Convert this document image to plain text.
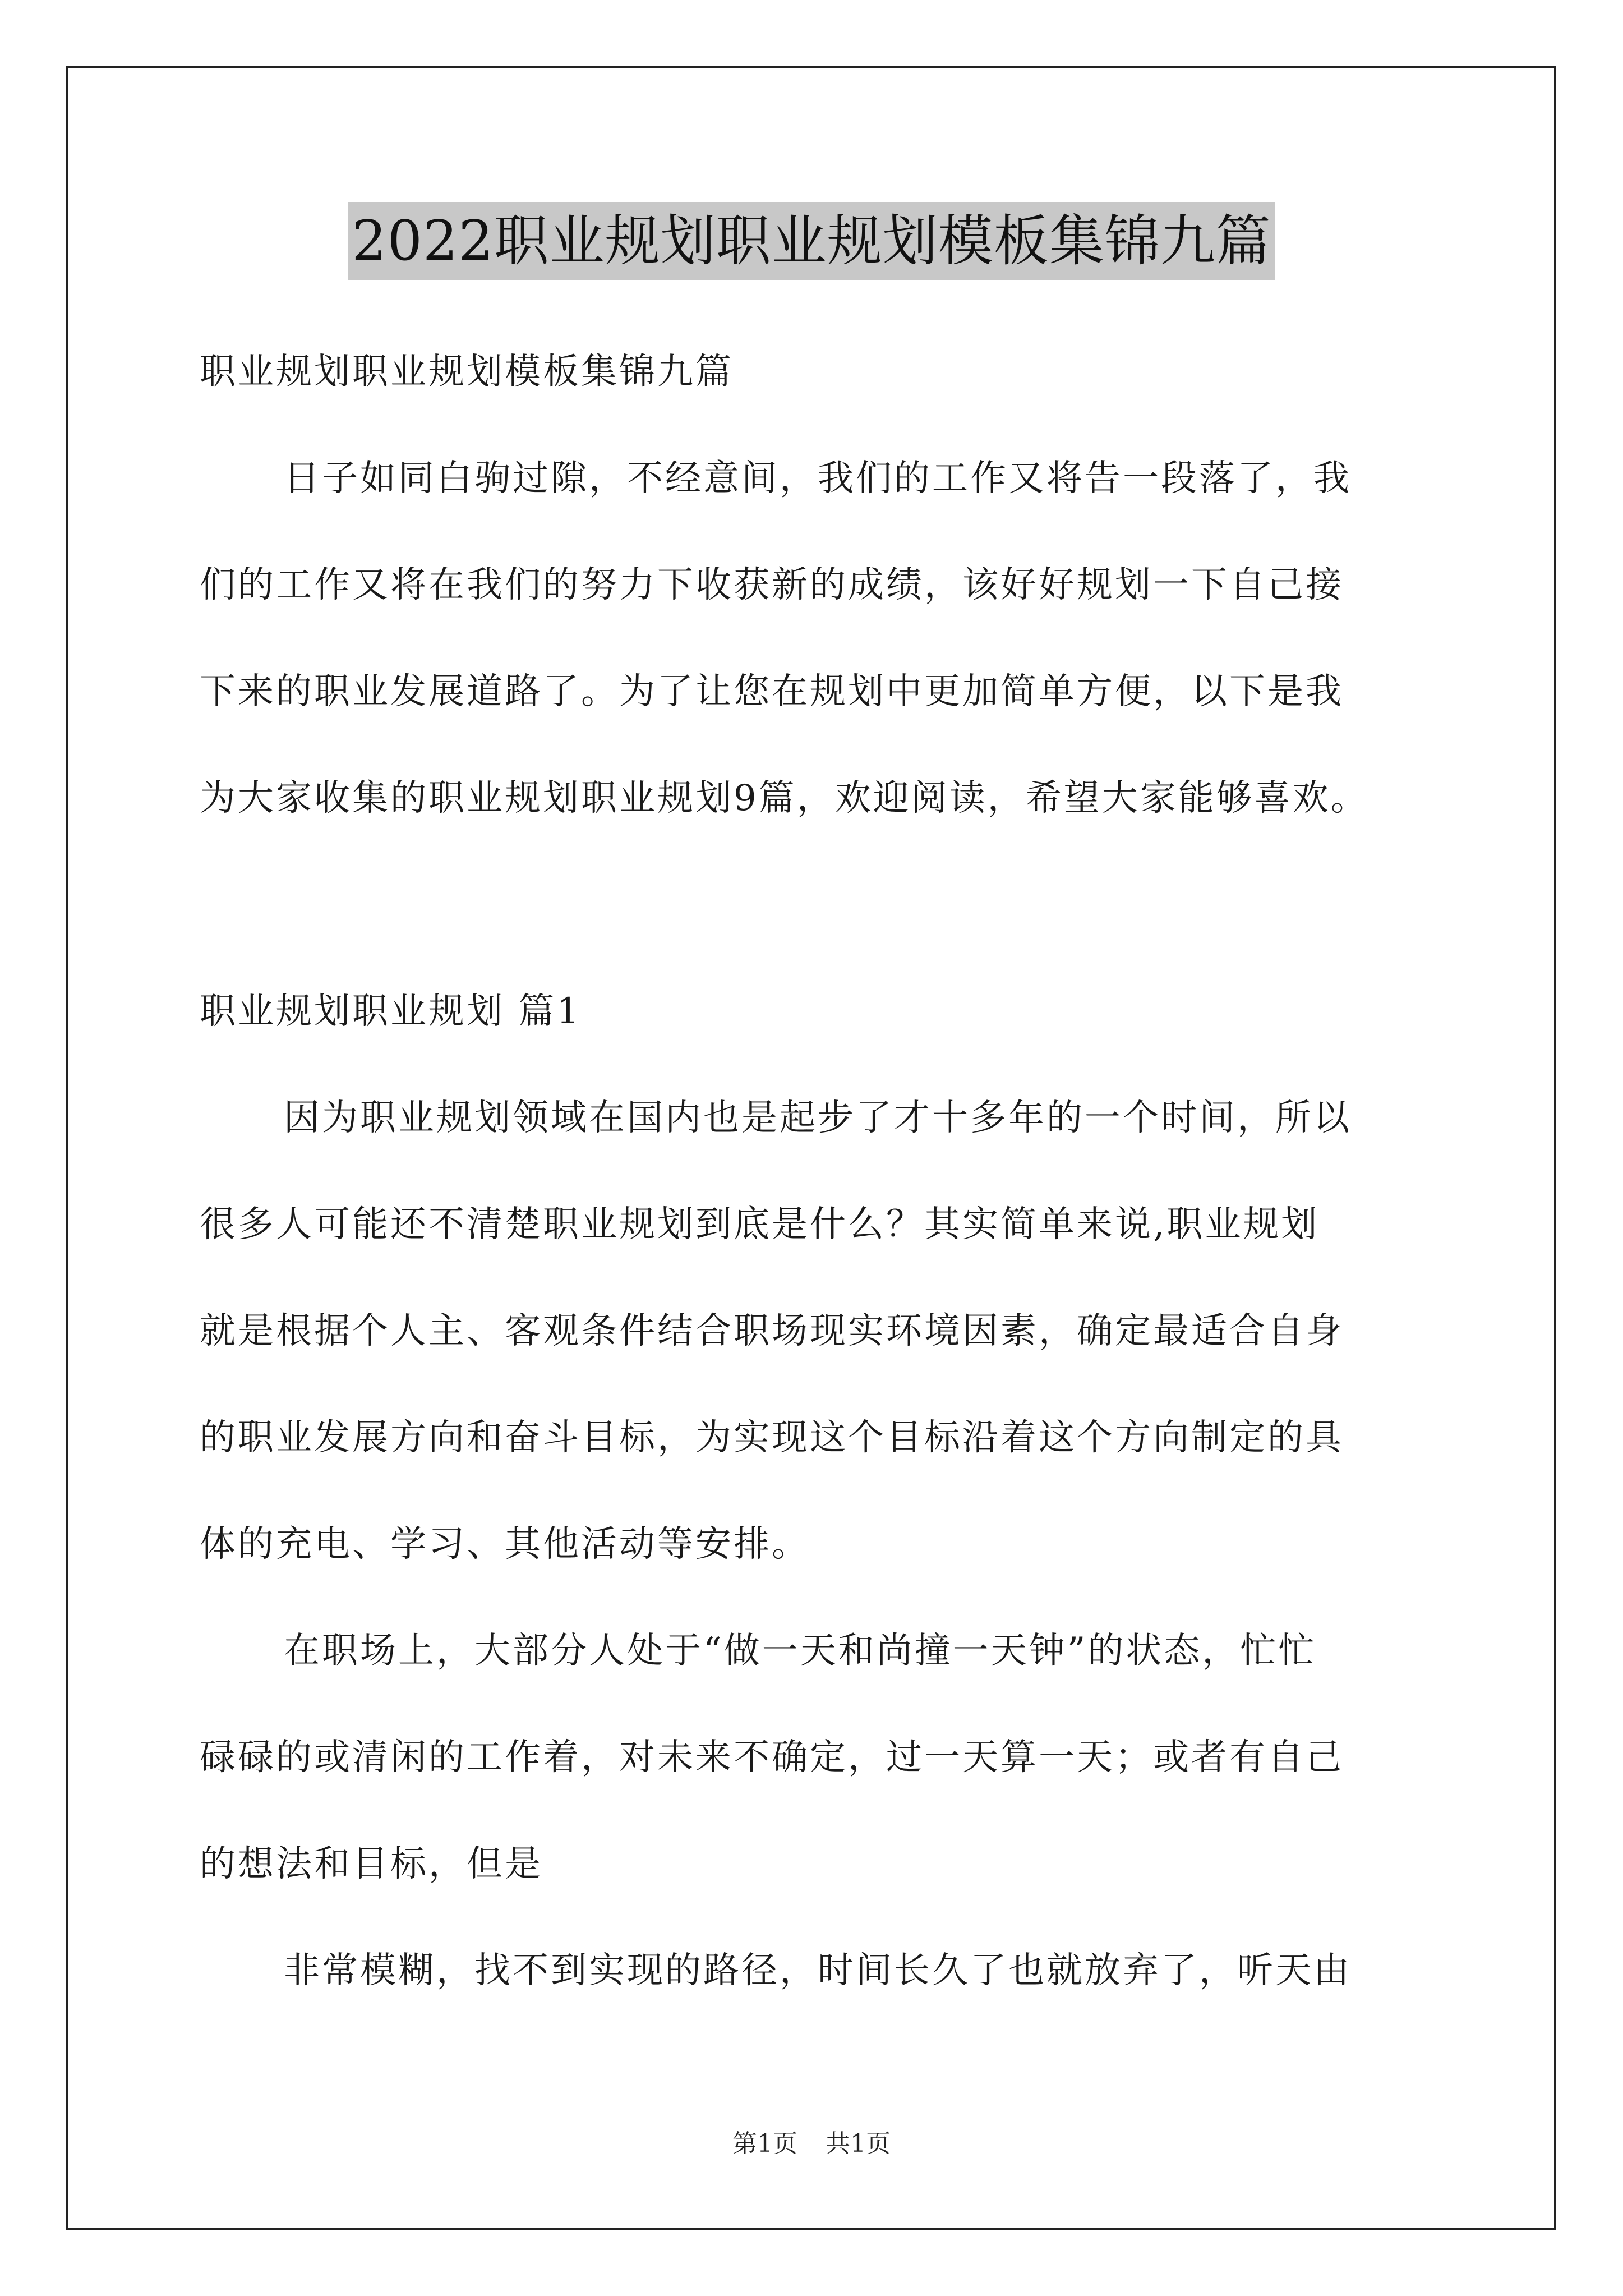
2022职业规划职业规划模板集锦九篇
职业规划职业规划模板集锦九篇
日子如同白驹过隙，不经意间，我们的工作又将告一段落了，我
们的工作又将在我们的努力下收获新的成绩，该好好规划一下自己接
下来的职业发展道路了。为了让您在规划中更加简单方便，以下是我
为大家收集的职业规划职业规划9篇，欢迎阅读，希望大家能够喜欢。
职业规划职业规划 篇1
因为职业规划领域在国内也是起步了才十多年的一个时间，所以
很多人可能还不清楚职业规划到底是什么？其实简单来说,职业规划
就是根据个人主、客观条件结合职场现实环境因素，确定最适合自身
的职业发展方向和奋斗目标，为实现这个目标沿着这个方向制定的具
体的充电、学习、其他活动等安排。
在职场上，大部分人处于“做一天和尚撞一天钟”的状态，忙忙
碌碌的或清闲的工作着，对未来不确定，过一天算一天；或者有自己
的想法和目标，但是
非常模糊，找不到实现的路径，时间长久了也就放弃了，听天由
第1页 共1页
